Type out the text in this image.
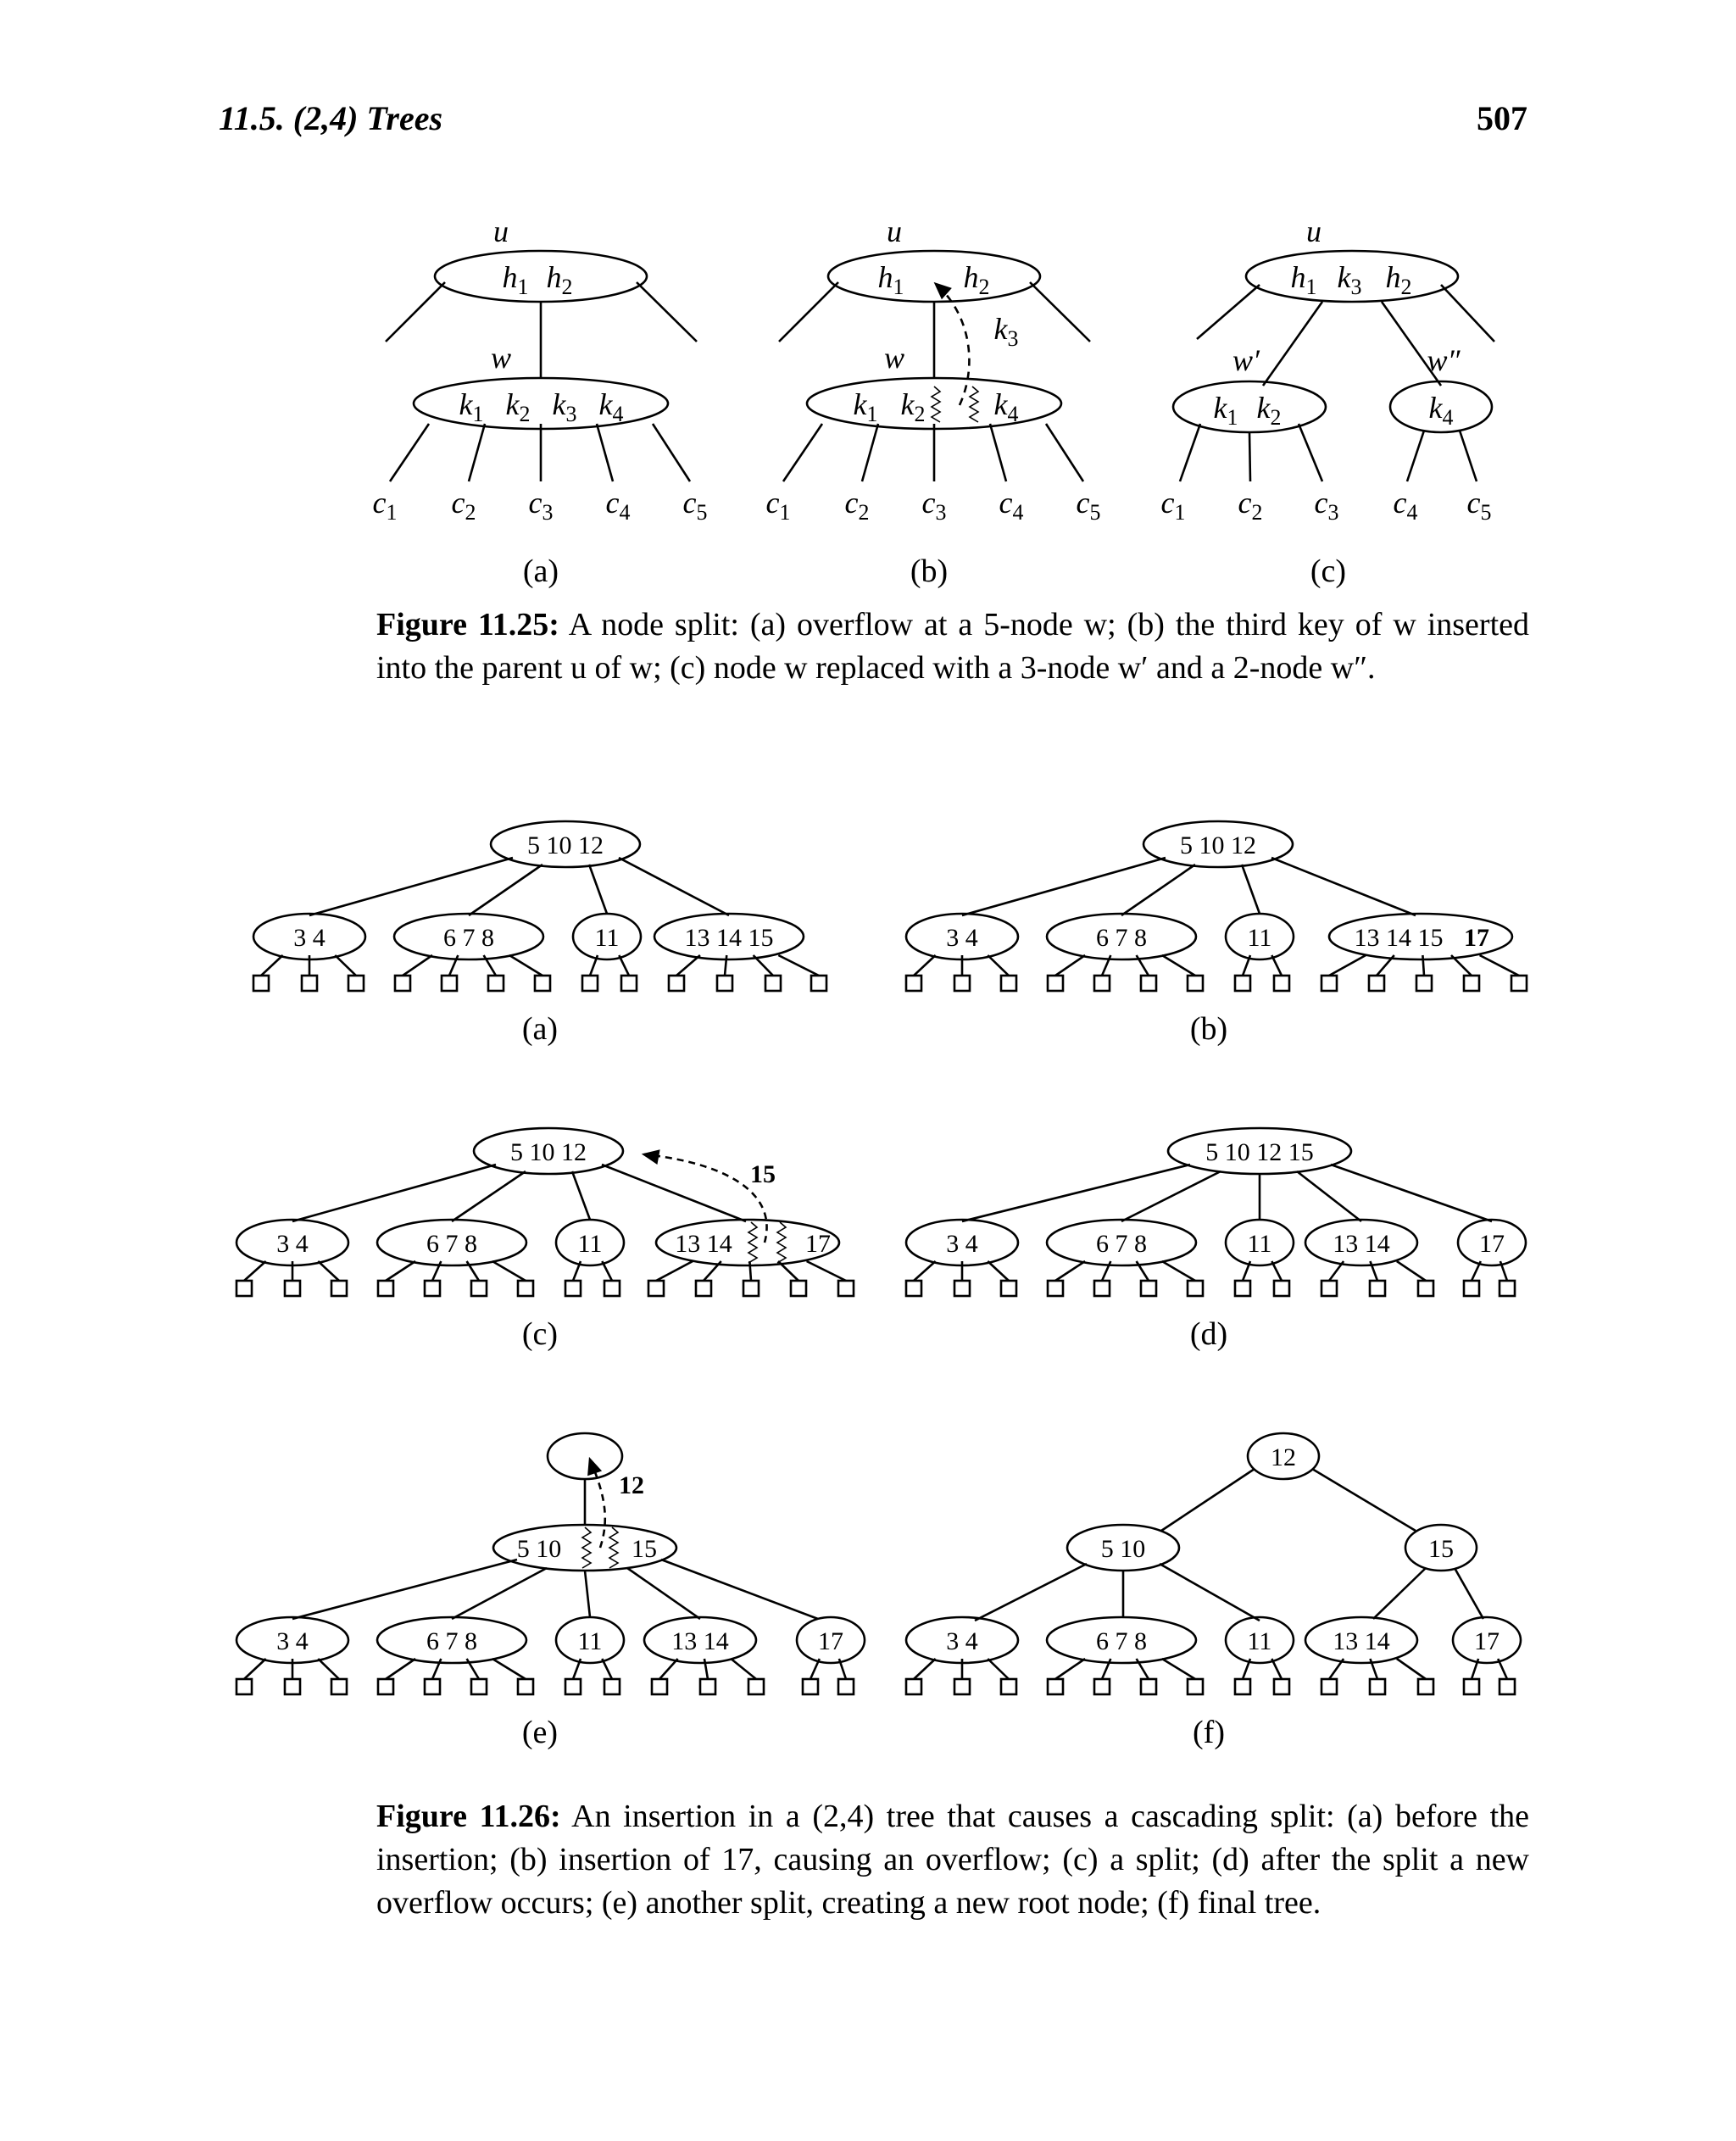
11.5. (2,4) Trees	507
u
$h_1$ $h_2$
w
$k_1$ $k_2$ $k_3$ $k_4$
$c_1$ $c_2$ $c_3$ $c_4$ $c_5$
(a)
u
$h_1$ $h_2$
w
$k_1$ $k_2$ $k_4$
$k_3$
$c_1$ $c_2$ $c_3$ $c_4$ $c_5$
(b)
u
$h_1$ $k_3$ $h_2$
w′	w″
$k_1$ $k_2$	$k_4$
$c_1$ $c_2$ $c_3$ $c_4$ $c_5$
(c)
5 10 12
3 4	6 7 8	11	13 14 15
(a)
5 10 12
3 4	6 7 8	11	13 14 15 17
(b)
5 10 12
3 4	6 7 8	11	13 14	17
15
(c)
5 10 12 15
3 4	6 7 8	11 13 14	17
(d)
5 10	15
12
3 4	6 7 8	11	13 14	17
(e)
12
5 10	15
3 4	6 7 8	11 13 14	17
(f)
Figure 11.25: A node split: (a) overflow at a 5-node w; (b) the third key of w inserted into the parent u of w; (c) node w replaced with a 3-node w′ and a 2-node w″.
Figure 11.26: An insertion in a (2,4) tree that causes a cascading split: (a) before the insertion; (b) insertion of 17, causing an overflow; (c) a split; (d) after the split a new overflow occurs; (e) another split, creating a new root node; (f) final tree.
